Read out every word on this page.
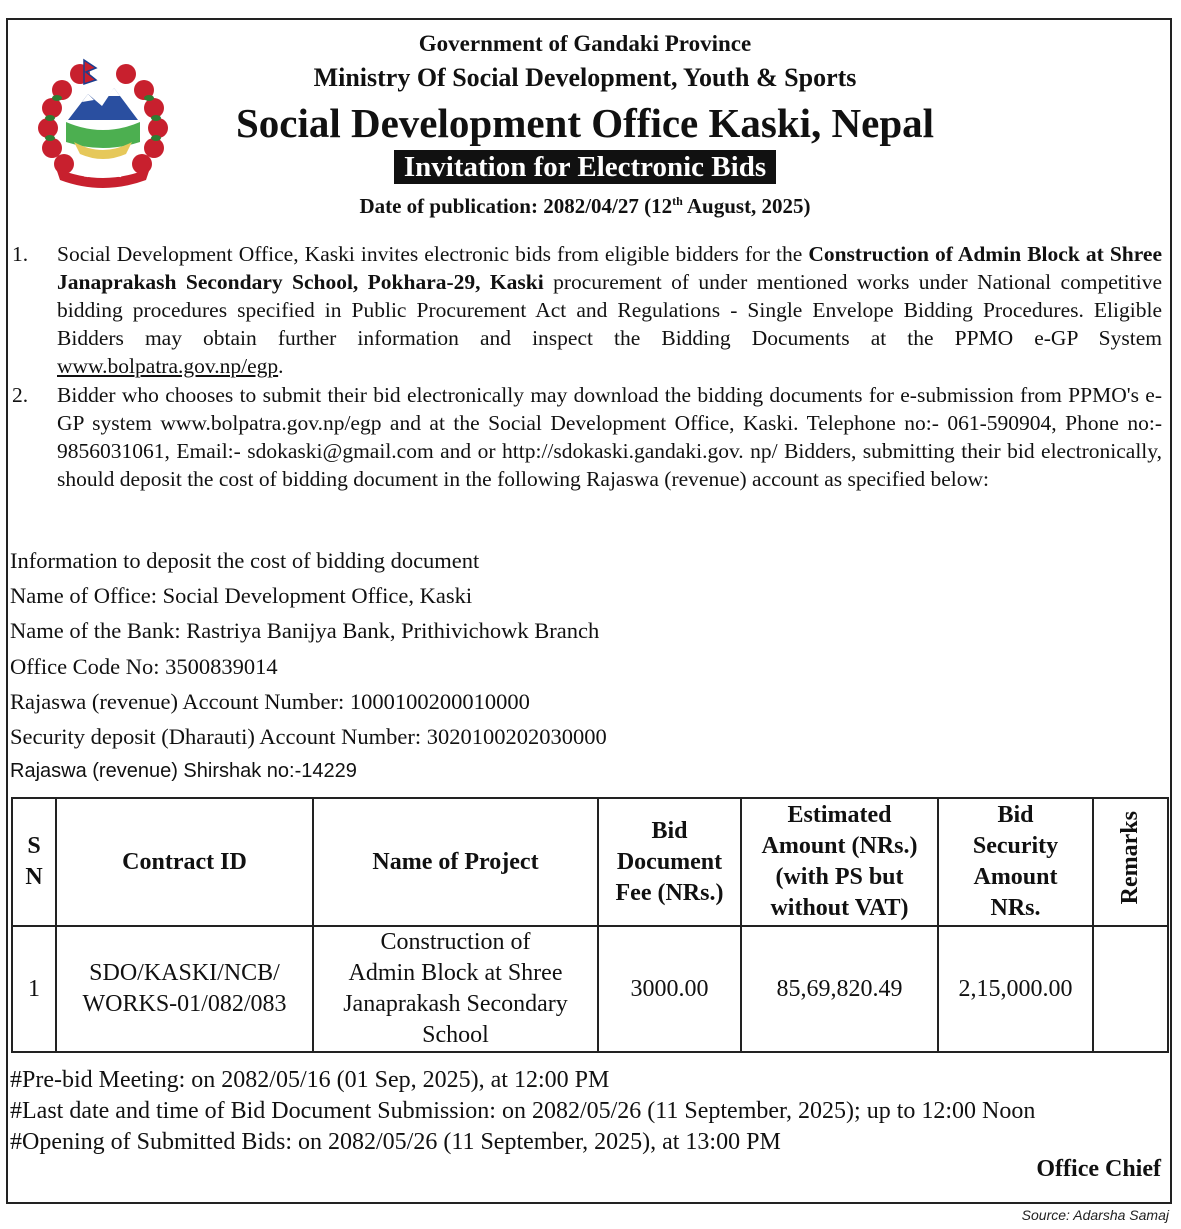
~ ~ ~ ~ ~
Government of Gandaki Province
Ministry Of Social Development, Youth & Sports
Social Development Office Kaski, Nepal
Invitation for Electronic Bids
Date of publication: 2082/04/27 (12th August, 2025)
1. Social Development Office, Kaski invites electronic bids from eligible bidders for the Construction of Admin Block at Shree Janaprakash Secondary School, Pokhara-29, Kaski procurement of under mentioned works under National competitive bidding procedures specified in Public Procurement Act and Regulations - Single Envelope Bidding Procedures. Eligible Bidders may obtain further information and inspect the Bidding Documents at the PPMO e-GP System www.bolpatra.gov.np/egp.
2. Bidder who chooses to submit their bid electronically may download the bidding documents for e-submission from PPMO's e- GP system www.bolpatra.gov.np/egp and at the Social Development Office, Kaski. Telephone no:- 061-590904, Phone no:- 9856031061, Email:- sdokaski@gmail.com and or http://sdokaski.gandaki.gov. np/ Bidders, submitting their bid electronically, should deposit the cost of bidding document in the following Rajaswa (revenue) account as specified below:
Information to deposit the cost of bidding document
Name of Office: Social Development Office, Kaski
Name of the Bank: Rastriya Banijya Bank, Prithivichowk Branch
Office Code No: 3500839014
Rajaswa (revenue) Account Number: 1000100200010000
Security deposit (Dharauti) Account Number: 3020100202030000
Rajaswa (revenue) Shirshak no:-14229
S
N	Contract ID	Name of Project	Bid
Document
Fee (NRs.)	Estimated
Amount (NRs.)
(with PS but
without VAT)	Bid
Security
Amount
NRs.	Remarks
1	SDO/KASKI/NCB/
WORKS-01/082/083	Construction of
Admin Block at Shree
Janaprakash Secondary
School	3000.00	85,69,820.49	2,15,000.00	
#Pre-bid Meeting: on 2082/05/16 (01 Sep, 2025), at 12:00 PM
#Last date and time of Bid Document Submission: on 2082/05/26 (11 September, 2025); up to 12:00 Noon
#Opening of Submitted Bids: on 2082/05/26 (11 September, 2025), at 13:00 PM
Office Chief
Source: Adarsha Samaj
